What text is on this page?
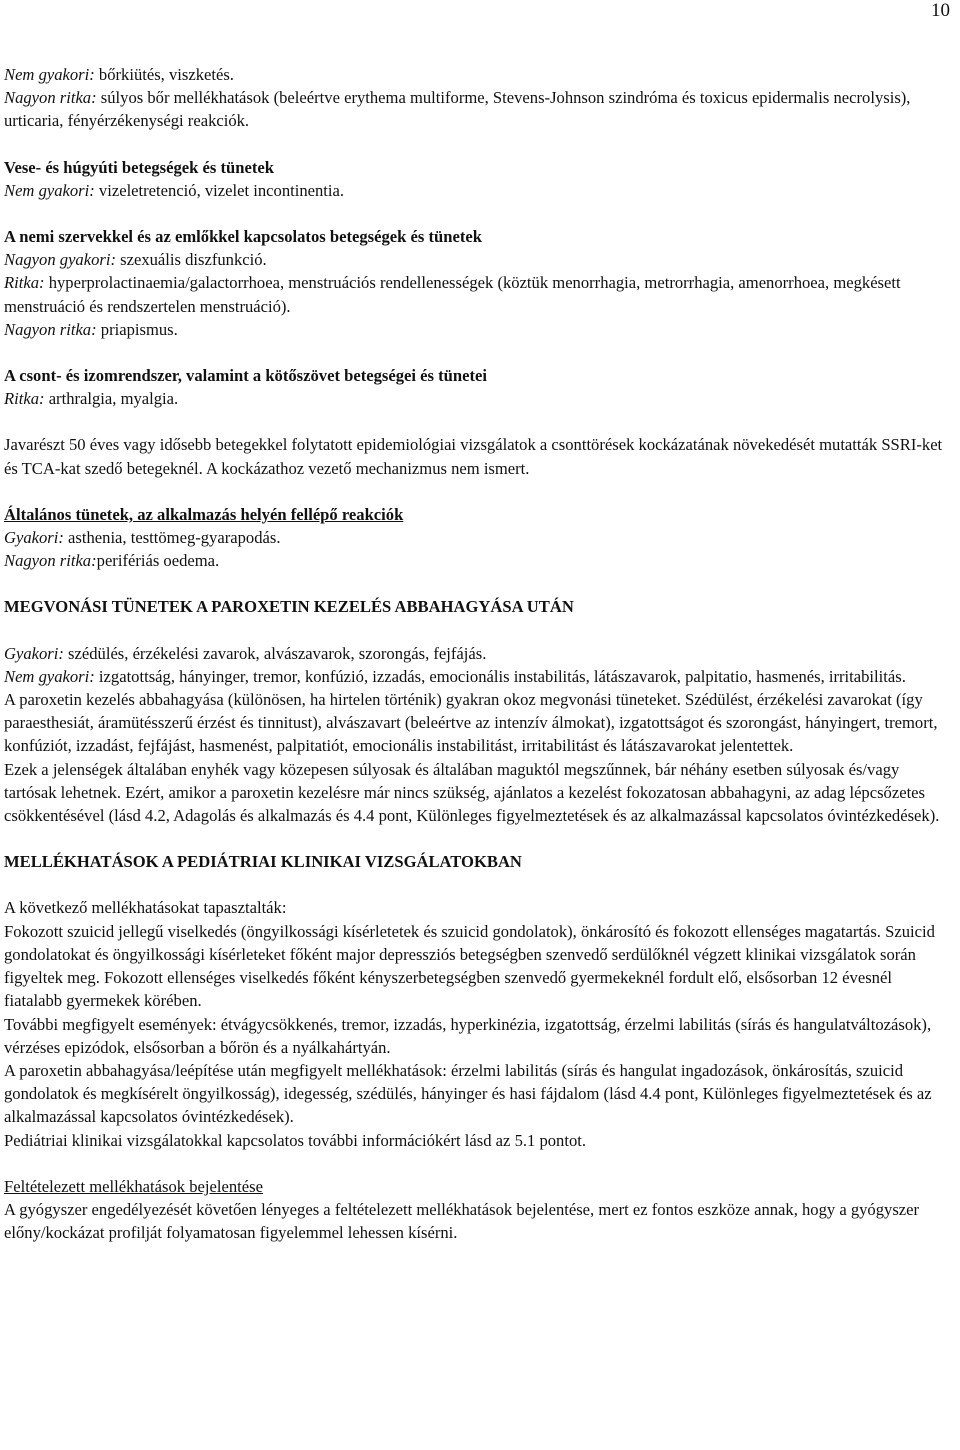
10

Nem gyakori: bőrkiütés, viszketés.

Nagyon ritka: súlyos bőr mellékhatások (beleértve erythema multiforme, Stevens-Johnson szindróma és toxicus epidermalis necrolysis), urticaria, fényérzékenységi reakciók.

Vese- és húgyúti betegségek és tünetek

Nem gyakori: vizeletretenció, vizelet incontinentia.

A nemi szervekkel és az emlőkkel kapcsolatos betegségek és tünetek

Nagyon gyakori: szexuális diszfunkció.

Ritka: hyperprolactinaemia/galactorrhoea, menstruációs rendellenességek (köztük menorrhagia, metrorrhagia, amenorrhoea, megkésett menstruáció és rendszertelen menstruáció).

Nagyon ritka: priapismus.

A csont- és izomrendszer, valamint a kötőszövet betegségei és tünetei

Ritka: arthralgia, myalgia.

Javarészt 50 éves vagy idősebb betegekkel folytatott epidemiológiai vizsgálatok a csonttörések kockázatának növekedését mutatták SSRI-ket és TCA-kat szedő betegeknél. A kockázathoz vezető mechanizmus nem ismert.

Általános tünetek, az alkalmazás helyén fellépő reakciók

Gyakori: asthenia, testtömeg-gyarapodás.

Nagyon ritka:perifériás oedema.

MEGVONÁSI TÜNETEK A PAROXETIN KEZELÉS ABBAHAGYÁSA UTÁN

Gyakori: szédülés, érzékelési zavarok, alvászavarok, szorongás, fejfájás.

Nem gyakori: izgatottság, hányinger, tremor, konfúzió, izzadás, emocionális instabilitás, látászavarok, palpitatio, hasmenés, irritabilitás.

A paroxetin kezelés abbahagyása (különösen, ha hirtelen történik) gyakran okoz megvonási tüneteket. Szédülést, érzékelési zavarokat (így paraesthesiát, áramütésszerű érzést és tinnitust), alvászavart (beleértve az intenzív álmokat), izgatottságot és szorongást, hányingert, tremort, konfúziót, izzadást, fejfájást, hasmenést, palpitatiót, emocionális instabilitást, irritabilitást és látászavarokat jelentettek.

Ezek a jelenségek általában enyhék vagy közepesen súlyosak és általában maguktól megszűnnek, bár néhány esetben súlyosak és/vagy tartósak lehetnek. Ezért, amikor a paroxetin kezelésre már nincs szükség, ajánlatos a kezelést fokozatosan abbahagyni, az adag lépcsőzetes csökkentésével (lásd 4.2, Adagolás és alkalmazás és 4.4 pont, Különleges figyelmeztetések és az alkalmazással kapcsolatos óvintézkedések).

MELLÉKHATÁSOK A PEDIÁTRIAI KLINIKAI VIZSGÁLATOKBAN

A következő mellékhatásokat tapasztalták:

Fokozott szuicid jellegű viselkedés (öngyilkossági kísérletetek és szuicid gondolatok), önkárosító és fokozott ellenséges magatartás. Szuicid gondolatokat és öngyilkossági kísérleteket főként major depressziós betegségben szenvedő serdülőknél végzett klinikai vizsgálatok során figyeltek meg. Fokozott ellenséges viselkedés főként kényszerbetegségben szenvedő gyermekeknél fordult elő, elsősorban 12 évesnél fiatalabb gyermekek körében.

További megfigyelt események: étvágycsökkenés, tremor, izzadás, hyperkinézia, izgatottság, érzelmi labilitás (sírás és hangulatváltozások), vérzéses epizódok, elsősorban a bőrön és a nyálkahártyán.

A paroxetin abbahagyása/leépítése után megfigyelt mellékhatások: érzelmi labilitás (sírás és hangulat ingadozások, önkárosítás, szuicid gondolatok és megkísérelt öngyilkosság), idegesség, szédülés, hányinger és hasi fájdalom (lásd 4.4 pont, Különleges figyelmeztetések és az alkalmazással kapcsolatos óvintézkedések).

Pediátriai klinikai vizsgálatokkal kapcsolatos további információkért lásd az 5.1 pontot.

Feltételezett mellékhatások bejelentése

A gyógyszer engedélyezését követően lényeges a feltételezett mellékhatások bejelentése, mert ez fontos eszköze annak, hogy a gyógyszer előny/kockázat profilját folyamatosan figyelemmel lehessen kísérni.
